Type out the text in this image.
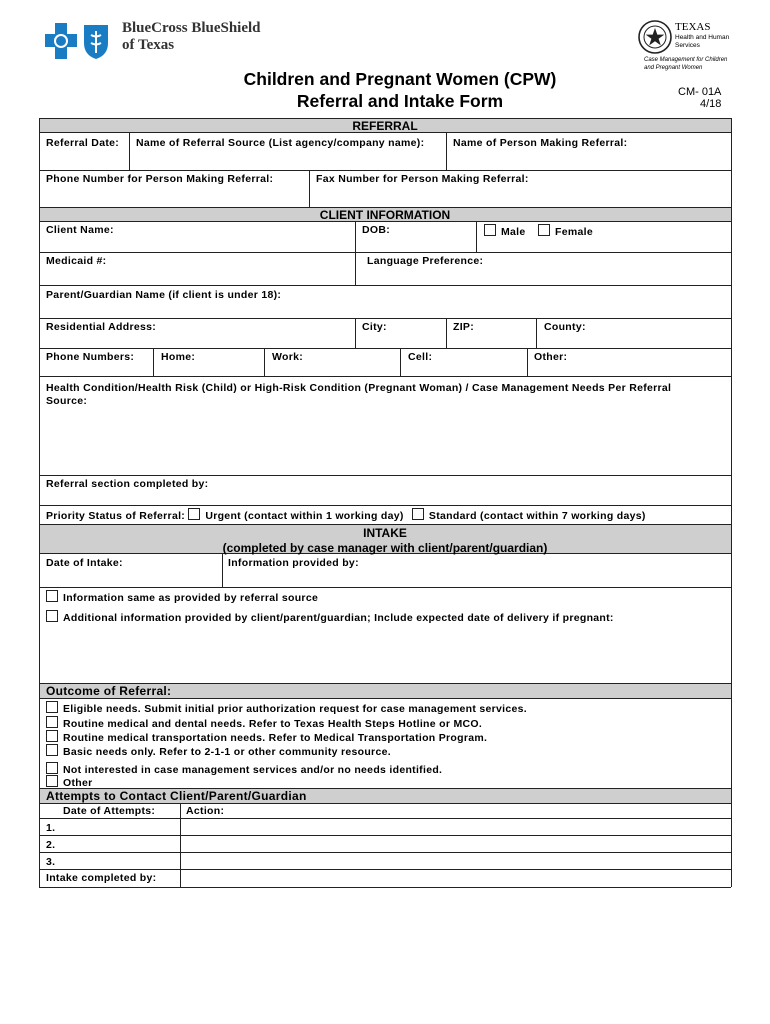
BlueCross BlueShield
of Texas
TEXAS
Health and Human
Services
Case Management for Children
and Pregnant Women
Children and Pregnant Women (CPW)
Referral and Intake Form	CM- 01A
4/18
REFERRAL
Referral Date: Name of Referral Source (List agency/company name):	Name of Person Making Referral:
Phone Number for Person Making Referral:	Fax Number for Person Making Referral:
CLIENT INFORMATION
Client Name:	DOB:	Male	Female
Medicaid #:	Language Preference:
Parent/Guardian Name (if client is under 18):
Residential Address:	City:	ZIP:	County:
Phone Numbers:	Home:	Work:	Cell:	Other:
Health Condition/Health Risk (Child) or High-Risk Condition (Pregnant Woman) / Case Management Needs Per Referral
Source:
Referral section completed by:
Priority Status of Referral: Urgent (contact within 1 working day) Standard (contact within 7 working days)
INTAKE
(completed by case manager with client/parent/guardian)
Date of Intake:	Information provided by:
Information same as provided by referral source
Additional information provided by client/parent/guardian; Include expected date of delivery if pregnant:
Outcome of Referral:
Eligible needs. Submit initial prior authorization request for case management services.
Routine medical and dental needs. Refer to Texas Health Steps Hotline or MCO.
Routine medical transportation needs. Refer to Medical Transportation Program.
Basic needs only. Refer to 2-1-1 or other community resource.
Not interested in case management services and/or no needs identified.
Other
Attempts to Contact Client/Parent/Guardian
Date of Attempts:	Action:
1.
2.
3.
Intake completed by:
